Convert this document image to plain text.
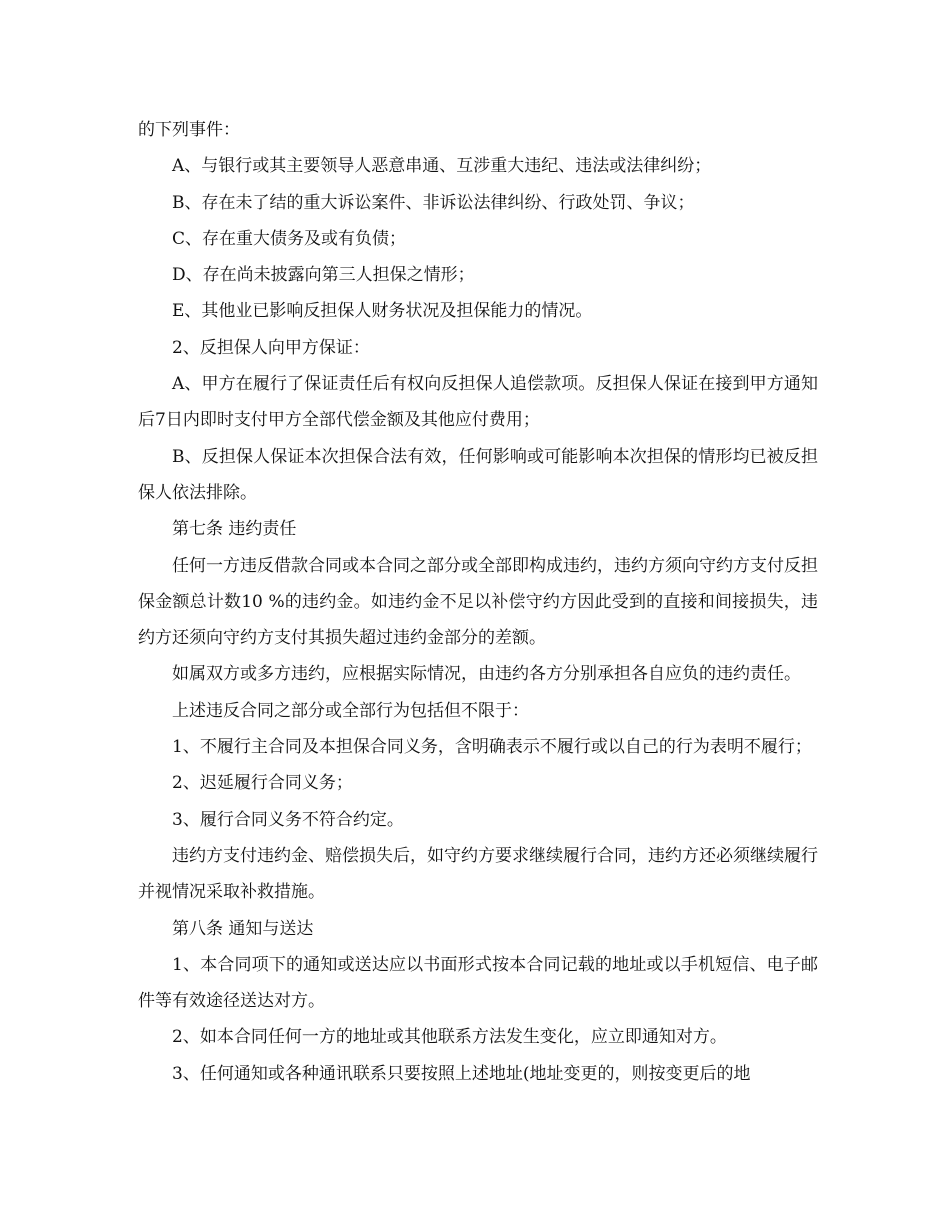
的下列事件：

A、与银行或其主要领导人恶意串通、互涉重大违纪、违法或法律纠纷；

B、存在未了结的重大诉讼案件、非诉讼法律纠纷、行政处罚、争议；

C、存在重大债务及或有负债；

D、存在尚未披露向第三人担保之情形；

E、其他业已影响反担保人财务状况及担保能力的情况。

2、反担保人向甲方保证：

A、甲方在履行了保证责任后有权向反担保人追偿款项。反担保人保证在接到甲方通知后7日内即时支付甲方全部代偿金额及其他应付费用；

B、反担保人保证本次担保合法有效，任何影响或可能影响本次担保的情形均已被反担保人依法排除。

第七条 违约责任

任何一方违反借款合同或本合同之部分或全部即构成违约，违约方须向守约方支付反担保金额总计数10 %的违约金。如违约金不足以补偿守约方因此受到的直接和间接损失，违约方还须向守约方支付其损失超过违约金部分的差额。

如属双方或多方违约，应根据实际情况，由违约各方分别承担各自应负的违约责任。

上述违反合同之部分或全部行为包括但不限于：

1、不履行主合同及本担保合同义务，含明确表示不履行或以自己的行为表明不履行；

2、迟延履行合同义务；

3、履行合同义务不符合约定。

违约方支付违约金、赔偿损失后，如守约方要求继续履行合同，违约方还必须继续履行并视情况采取补救措施。

第八条 通知与送达

1、本合同项下的通知或送达应以书面形式按本合同记载的地址或以手机短信、电子邮件等有效途径送达对方。

2、如本合同任何一方的地址或其他联系方法发生变化，应立即通知对方。

3、任何通知或各种通讯联系只要按照上述地址(地址变更的，则按变更后的地
